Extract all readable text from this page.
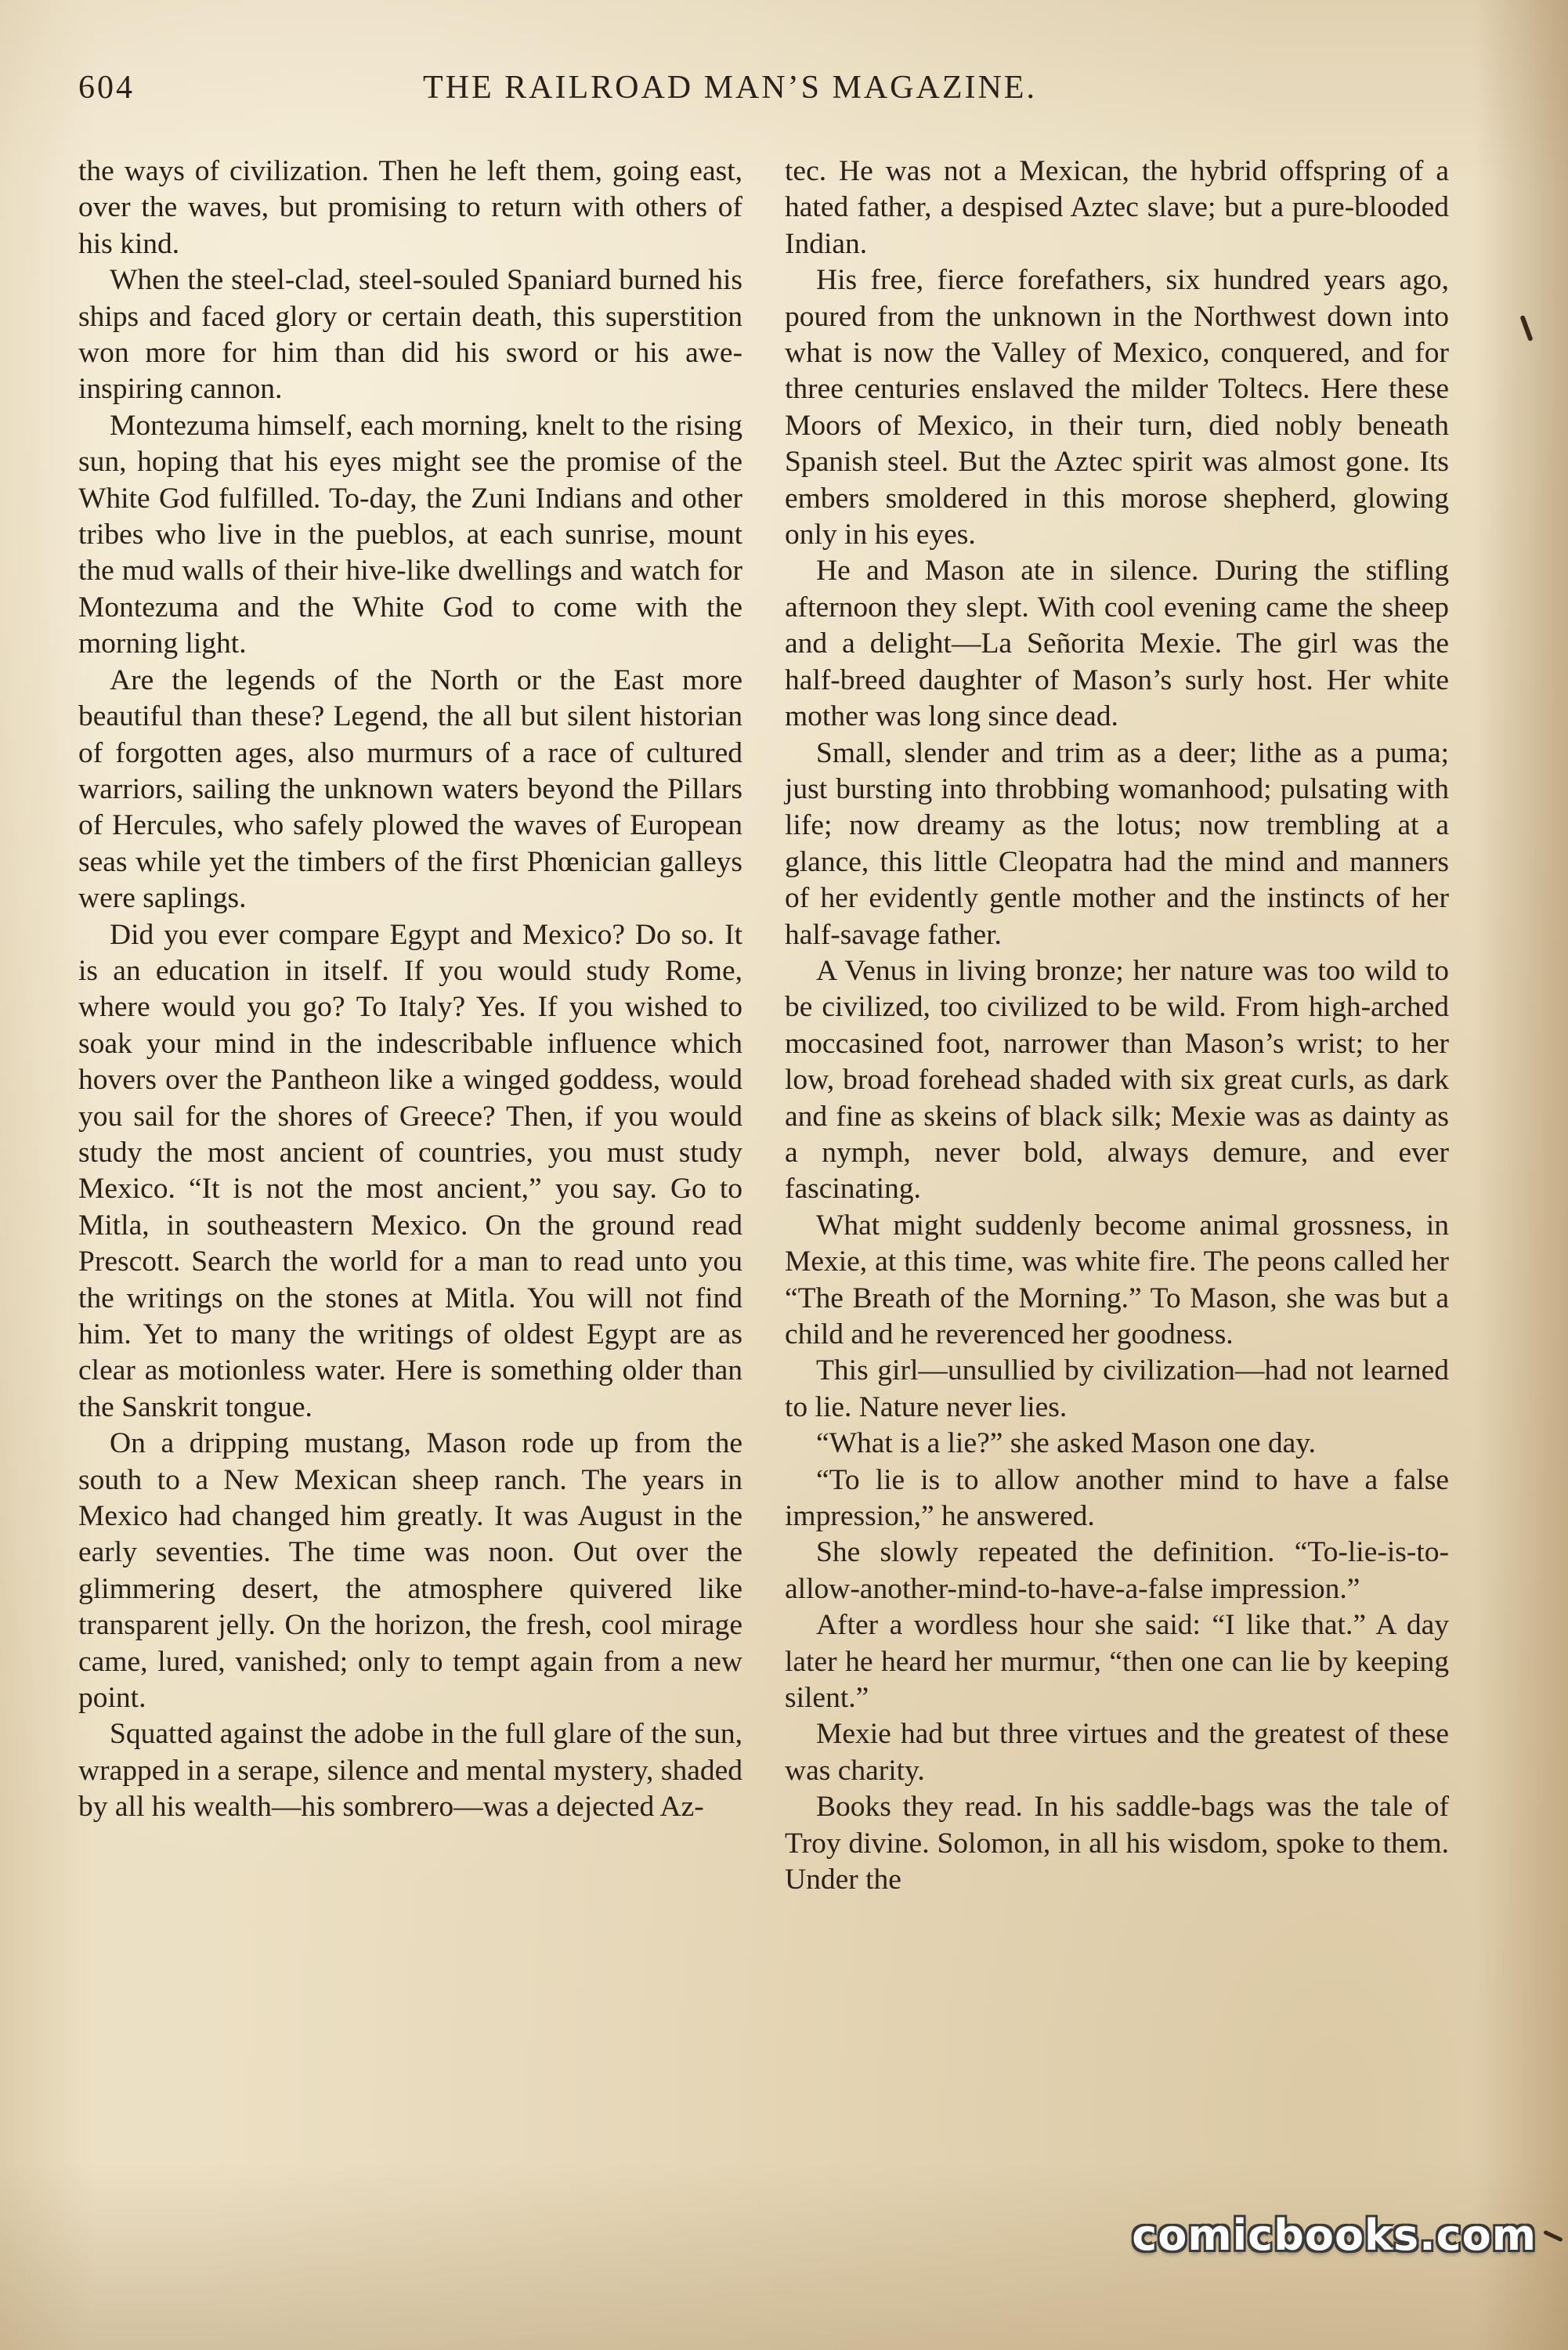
604	THE RAILROAD MAN’S MAGAZINE.

the ways of civilization. Then he left them, going east, over the waves, but promising to return with others of his kind.

When the steel-clad, steel-souled Spaniard burned his ships and faced glory or certain death, this superstition won more for him than did his sword or his awe-inspiring cannon.

Montezuma himself, each morning, knelt to the rising sun, hoping that his eyes might see the promise of the White God fulfilled. To-day, the Zuni Indians and other tribes who live in the pueblos, at each sunrise, mount the mud walls of their hive-like dwellings and watch for Montezuma and the White God to come with the morning light.

Are the legends of the North or the East more beautiful than these? Legend, the all but silent historian of forgotten ages, also murmurs of a race of cultured warriors, sailing the unknown waters beyond the Pillars of Hercules, who safely plowed the waves of European seas while yet the timbers of the first Phœnician galleys were saplings.

Did you ever compare Egypt and Mexico? Do so. It is an education in itself. If you would study Rome, where would you go? To Italy? Yes. If you wished to soak your mind in the indescribable influence which hovers over the Pantheon like a winged goddess, would you sail for the shores of Greece? Then, if you would study the most ancient of countries, you must study Mexico. “It is not the most ancient,” you say. Go to Mitla, in southeastern Mexico. On the ground read Prescott. Search the world for a man to read unto you the writings on the stones at Mitla. You will not find him. Yet to many the writings of oldest Egypt are as clear as motionless water. Here is something older than the Sanskrit tongue.

On a dripping mustang, Mason rode up from the south to a New Mexican sheep ranch. The years in Mexico had changed him greatly. It was August in the early seventies. The time was noon. Out over the glimmering desert, the atmosphere quivered like transparent jelly. On the horizon, the fresh, cool mirage came, lured, vanished; only to tempt again from a new point.

Squatted against the adobe in the full glare of the sun, wrapped in a serape, silence and mental mystery, shaded by all his wealth—his sombrero—was a dejected Az-

tec. He was not a Mexican, the hybrid offspring of a hated father, a despised Aztec slave; but a pure-blooded Indian.

His free, fierce forefathers, six hundred years ago, poured from the unknown in the Northwest down into what is now the Valley of Mexico, conquered, and for three centuries enslaved the milder Toltecs. Here these Moors of Mexico, in their turn, died nobly beneath Spanish steel. But the Aztec spirit was almost gone. Its embers smoldered in this morose shepherd, glowing only in his eyes.

He and Mason ate in silence. During the stifling afternoon they slept. With cool evening came the sheep and a delight—La Señorita Mexie. The girl was the half-breed daughter of Mason’s surly host. Her white mother was long since dead.

Small, slender and trim as a deer; lithe as a puma; just bursting into throbbing womanhood; pulsating with life; now dreamy as the lotus; now trembling at a glance, this little Cleopatra had the mind and manners of her evidently gentle mother and the instincts of her half-savage father.

A Venus in living bronze; her nature was too wild to be civilized, too civilized to be wild. From high-arched moccasined foot, narrower than Mason’s wrist; to her low, broad forehead shaded with six great curls, as dark and fine as skeins of black silk; Mexie was as dainty as a nymph, never bold, always demure, and ever fascinating.

What might suddenly become animal grossness, in Mexie, at this time, was white fire. The peons called her “The Breath of the Morning.” To Mason, she was but a child and he reverenced her goodness.

This girl—unsullied by civilization—had not learned to lie. Nature never lies.

“What is a lie?” she asked Mason one day.

“To lie is to allow another mind to have a false impression,” he answered.

She slowly repeated the definition. “To-lie-is-to-allow-another-mind-to-have-a-false impression.”

After a wordless hour she said: “I like that.” A day later he heard her murmur, “then one can lie by keeping silent.”

Mexie had but three virtues and the greatest of these was charity.

Books they read. In his saddle-bags was the tale of Troy divine. Solomon, in all his wisdom, spoke to them. Under the

comicbooks.com
